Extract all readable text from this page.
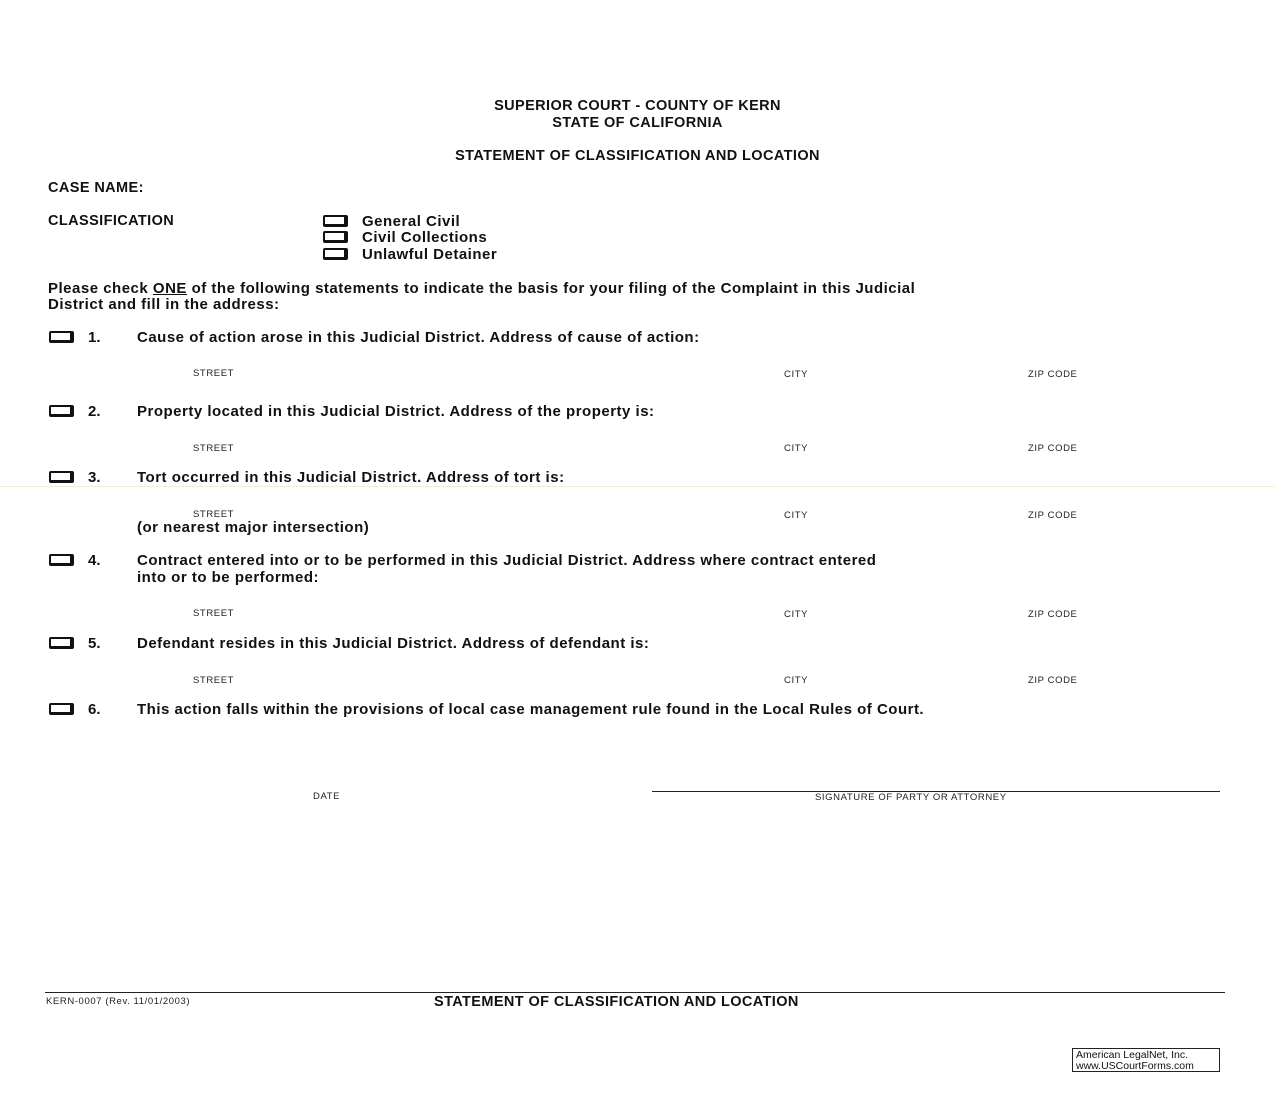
SUPERIOR COURT - COUNTY OF KERN
STATE OF CALIFORNIA
STATEMENT OF CLASSIFICATION AND LOCATION
CASE NAME:
CLASSIFICATION	General Civil
Civil Collections
Unlawful Detainer
Please check ONE of the following statements to indicate the basis for your filing of the Complaint in this Judicial
District and fill in the address:
1. Cause of action arose in this Judicial District. Address of cause of action:
STREET	CITY	ZIP CODE
2. Property located in this Judicial District. Address of the property is:
STREET	CITY	ZIP CODE
3. Tort occurred in this Judicial District. Address of tort is:
STREET	CITY	ZIP CODE
(or nearest major intersection)
4. Contract entered into or to be performed in this Judicial District. Address where contract entered
into or to be performed:
STREET	CITY	ZIP CODE
5. Defendant resides in this Judicial District. Address of defendant is:
STREET	CITY	ZIP CODE
6. This action falls within the provisions of local case management rule found in the Local Rules of Court.
DATE	SIGNATURE OF PARTY OR ATTORNEY
KERN-0007 (Rev. 11/01/2003)	STATEMENT OF CLASSIFICATION AND LOCATION
American LegalNet, Inc.
www.USCourtForms.com
